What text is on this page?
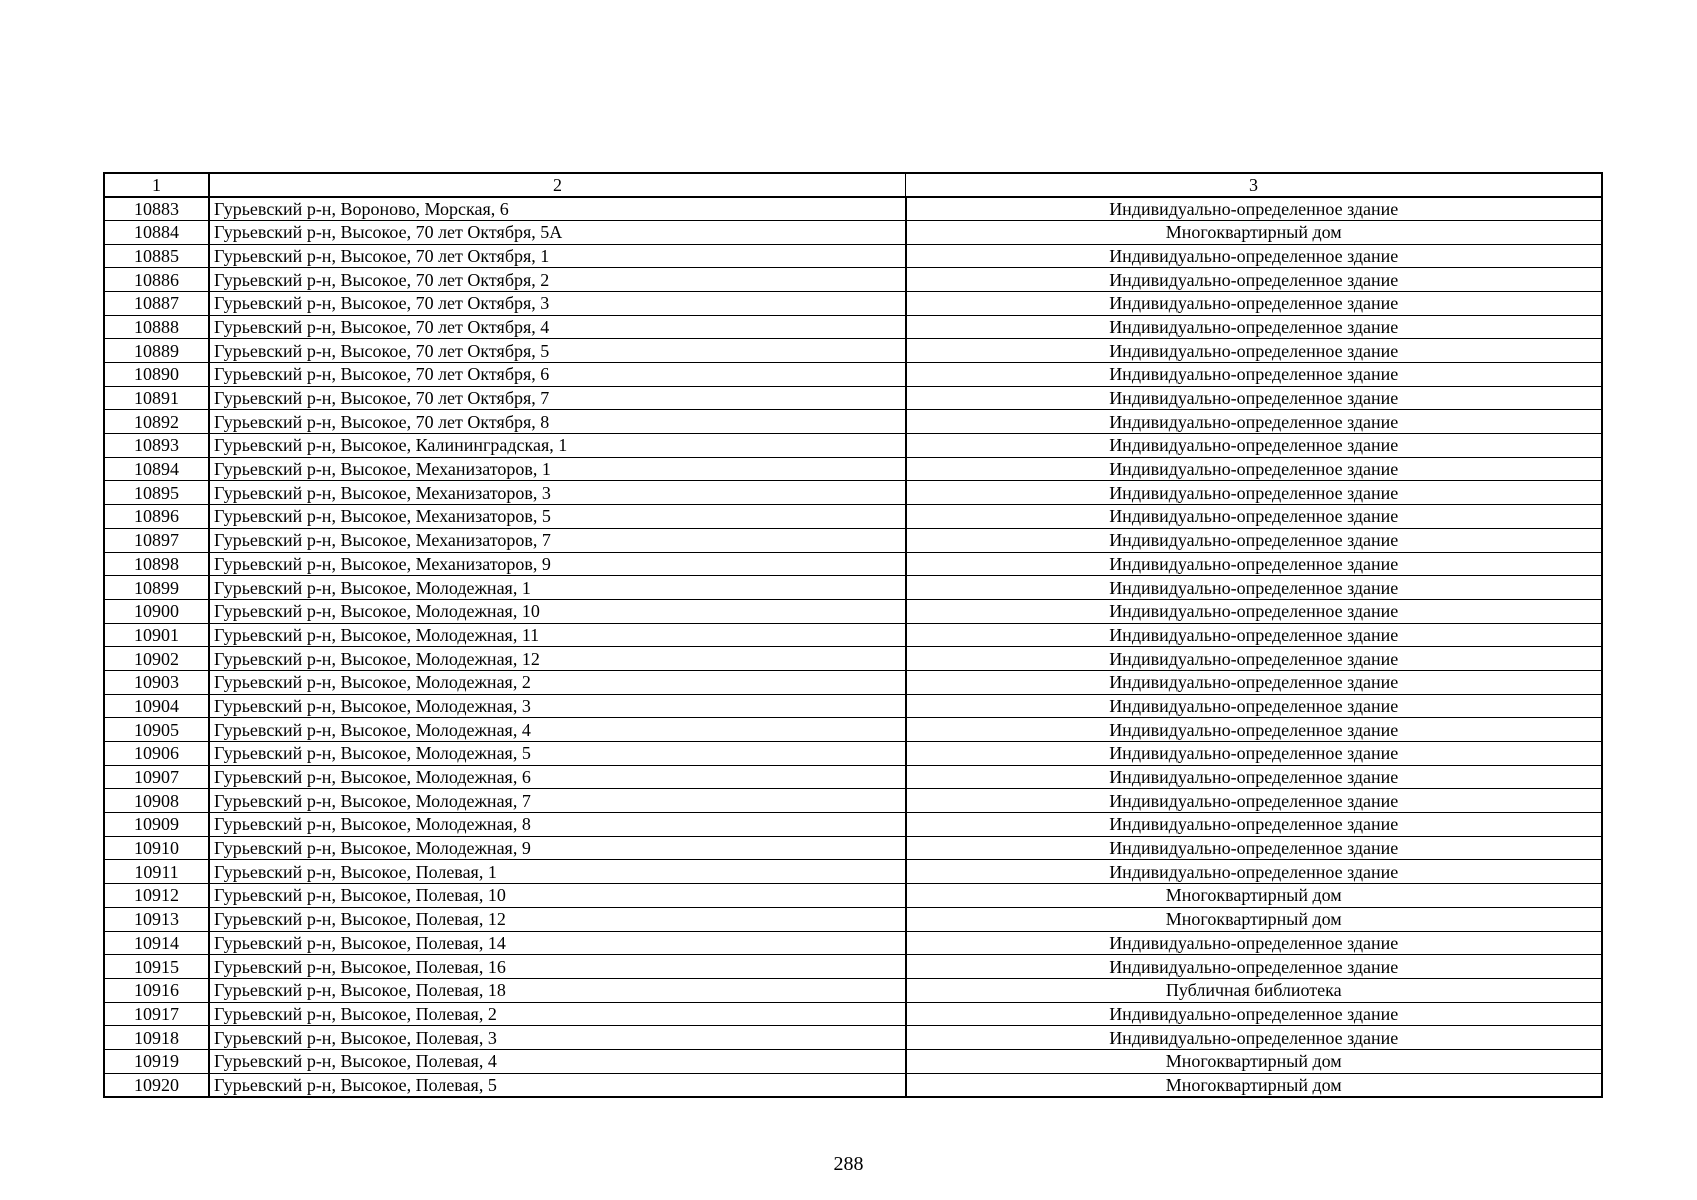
1	2	3
10883	Гурьевский р-н, Вороново, Морская, 6	Индивидуально-определенное здание
10884	Гурьевский р-н, Высокое, 70 лет Октября, 5А	Многоквартирный дом
10885	Гурьевский р-н, Высокое, 70 лет Октября, 1	Индивидуально-определенное здание
10886	Гурьевский р-н, Высокое, 70 лет Октября, 2	Индивидуально-определенное здание
10887	Гурьевский р-н, Высокое, 70 лет Октября, 3	Индивидуально-определенное здание
10888	Гурьевский р-н, Высокое, 70 лет Октября, 4	Индивидуально-определенное здание
10889	Гурьевский р-н, Высокое, 70 лет Октября, 5	Индивидуально-определенное здание
10890	Гурьевский р-н, Высокое, 70 лет Октября, 6	Индивидуально-определенное здание
10891	Гурьевский р-н, Высокое, 70 лет Октября, 7	Индивидуально-определенное здание
10892	Гурьевский р-н, Высокое, 70 лет Октября, 8	Индивидуально-определенное здание
10893	Гурьевский р-н, Высокое, Калининградская, 1	Индивидуально-определенное здание
10894	Гурьевский р-н, Высокое, Механизаторов, 1	Индивидуально-определенное здание
10895	Гурьевский р-н, Высокое, Механизаторов, 3	Индивидуально-определенное здание
10896	Гурьевский р-н, Высокое, Механизаторов, 5	Индивидуально-определенное здание
10897	Гурьевский р-н, Высокое, Механизаторов, 7	Индивидуально-определенное здание
10898	Гурьевский р-н, Высокое, Механизаторов, 9	Индивидуально-определенное здание
10899	Гурьевский р-н, Высокое, Молодежная, 1	Индивидуально-определенное здание
10900	Гурьевский р-н, Высокое, Молодежная, 10	Индивидуально-определенное здание
10901	Гурьевский р-н, Высокое, Молодежная, 11	Индивидуально-определенное здание
10902	Гурьевский р-н, Высокое, Молодежная, 12	Индивидуально-определенное здание
10903	Гурьевский р-н, Высокое, Молодежная, 2	Индивидуально-определенное здание
10904	Гурьевский р-н, Высокое, Молодежная, 3	Индивидуально-определенное здание
10905	Гурьевский р-н, Высокое, Молодежная, 4	Индивидуально-определенное здание
10906	Гурьевский р-н, Высокое, Молодежная, 5	Индивидуально-определенное здание
10907	Гурьевский р-н, Высокое, Молодежная, 6	Индивидуально-определенное здание
10908	Гурьевский р-н, Высокое, Молодежная, 7	Индивидуально-определенное здание
10909	Гурьевский р-н, Высокое, Молодежная, 8	Индивидуально-определенное здание
10910	Гурьевский р-н, Высокое, Молодежная, 9	Индивидуально-определенное здание
10911	Гурьевский р-н, Высокое, Полевая, 1	Индивидуально-определенное здание
10912	Гурьевский р-н, Высокое, Полевая, 10	Многоквартирный дом
10913	Гурьевский р-н, Высокое, Полевая, 12	Многоквартирный дом
10914	Гурьевский р-н, Высокое, Полевая, 14	Индивидуально-определенное здание
10915	Гурьевский р-н, Высокое, Полевая, 16	Индивидуально-определенное здание
10916	Гурьевский р-н, Высокое, Полевая, 18	Публичная библиотека
10917	Гурьевский р-н, Высокое, Полевая, 2	Индивидуально-определенное здание
10918	Гурьевский р-н, Высокое, Полевая, 3	Индивидуально-определенное здание
10919	Гурьевский р-н, Высокое, Полевая, 4	Многоквартирный дом
10920	Гурьевский р-н, Высокое, Полевая, 5	Многоквартирный дом
288
